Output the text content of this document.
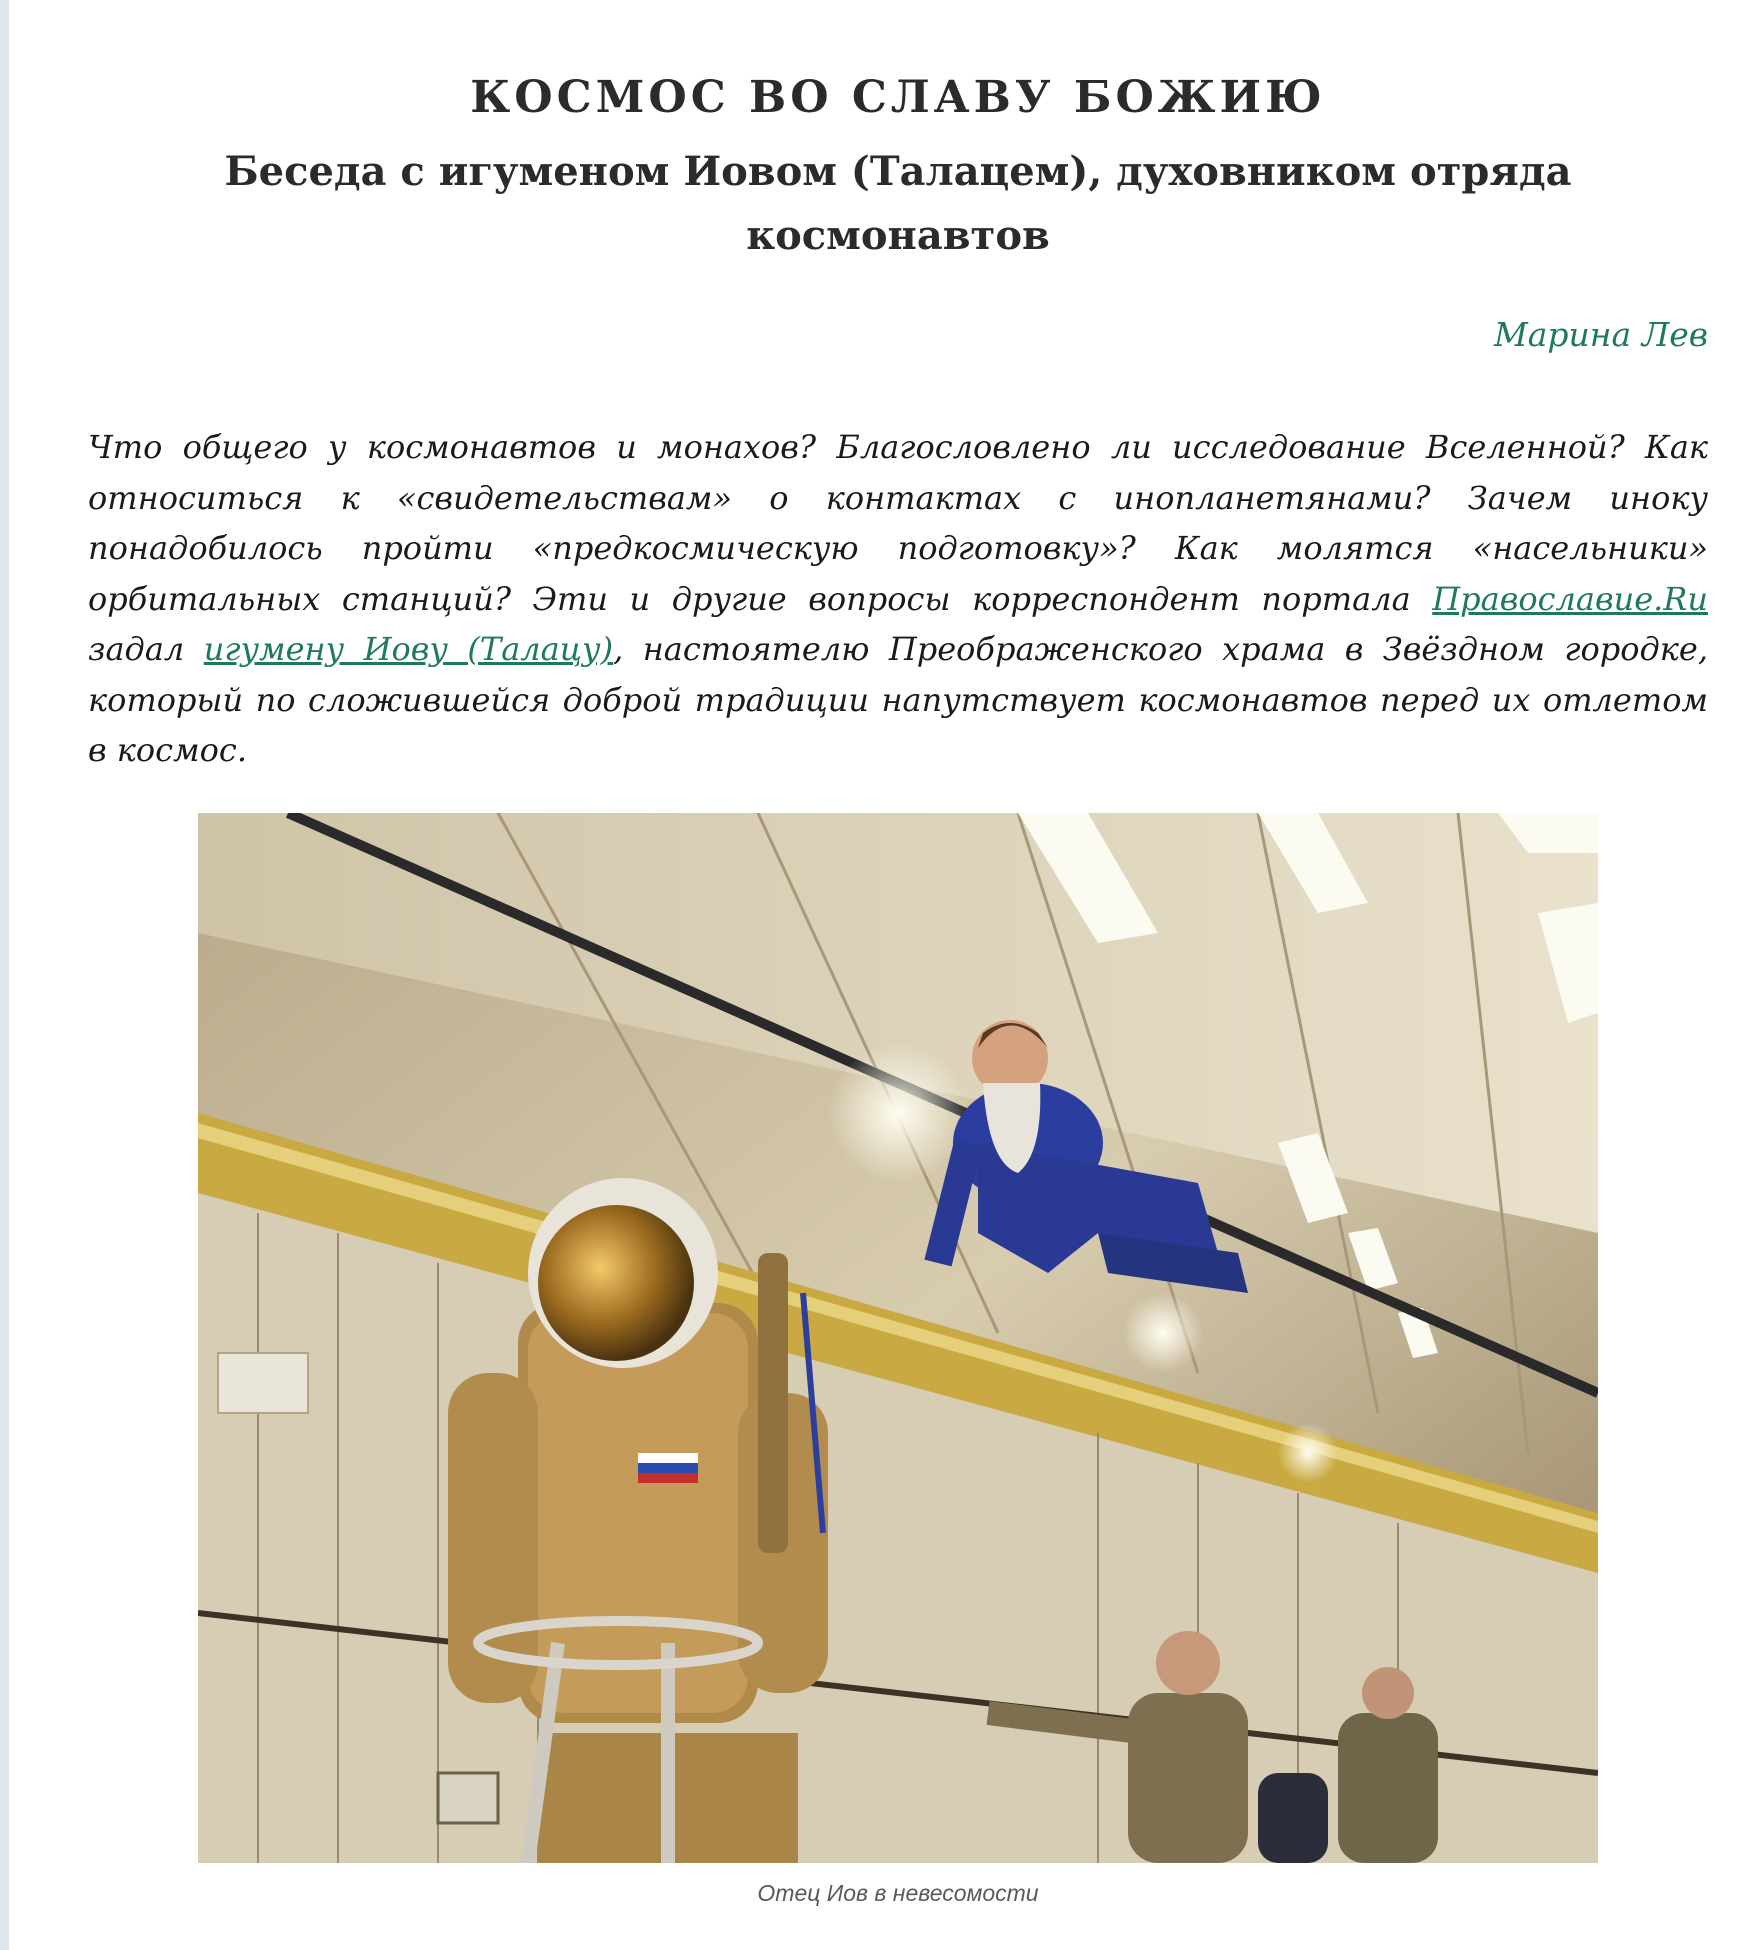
КОСМОС ВО СЛАВУ БОЖИЮ
Беседа с игуменом Иовом (Талацем), духовником отряда космонавтов
Марина Лев

Что общего у космонавтов и монахов? Благословлено ли исследование Вселенной? Как относиться к «свидетельствам» о контактах с инопланетянами? Зачем иноку понадобилось пройти «предкосмическую подготовку»? Как молятся «насельники» орбитальных станций? Эти и другие вопросы корреспондент портала Православие.Ru задал игумену Иову (Талацу), настоятелю Преображенского храма в Звёздном городке, который по сложившейся доброй традиции напутствует космонавтов перед их отлетом в космос.

Отец Иов в невесомости
